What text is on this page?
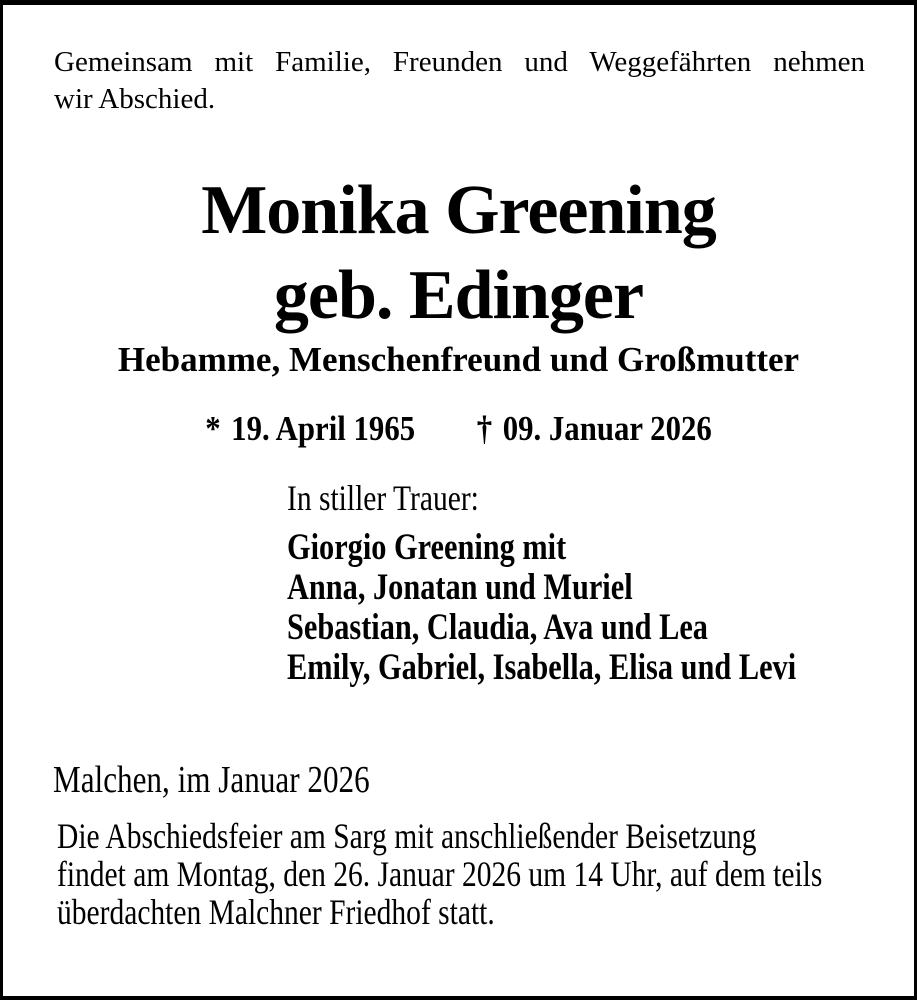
Gemeinsam mit Familie, Freunden und Weggefährten nehmen
wir Abschied.
Monika Greening
geb. Edinger
Hebamme, Menschenfreund und Großmutter
* 19. April 1965 † 09. Januar 2026
In stiller Trauer:
Giorgio Greening mit
Anna, Jonatan und Muriel
Sebastian, Claudia, Ava und Lea
Emily, Gabriel, Isabella, Elisa und Levi
Malchen, im Januar 2026
Die Abschiedsfeier am Sarg mit anschließender Beisetzung
findet am Montag, den 26. Januar 2026 um 14 Uhr, auf dem teils
überdachten Malchner Friedhof statt.
